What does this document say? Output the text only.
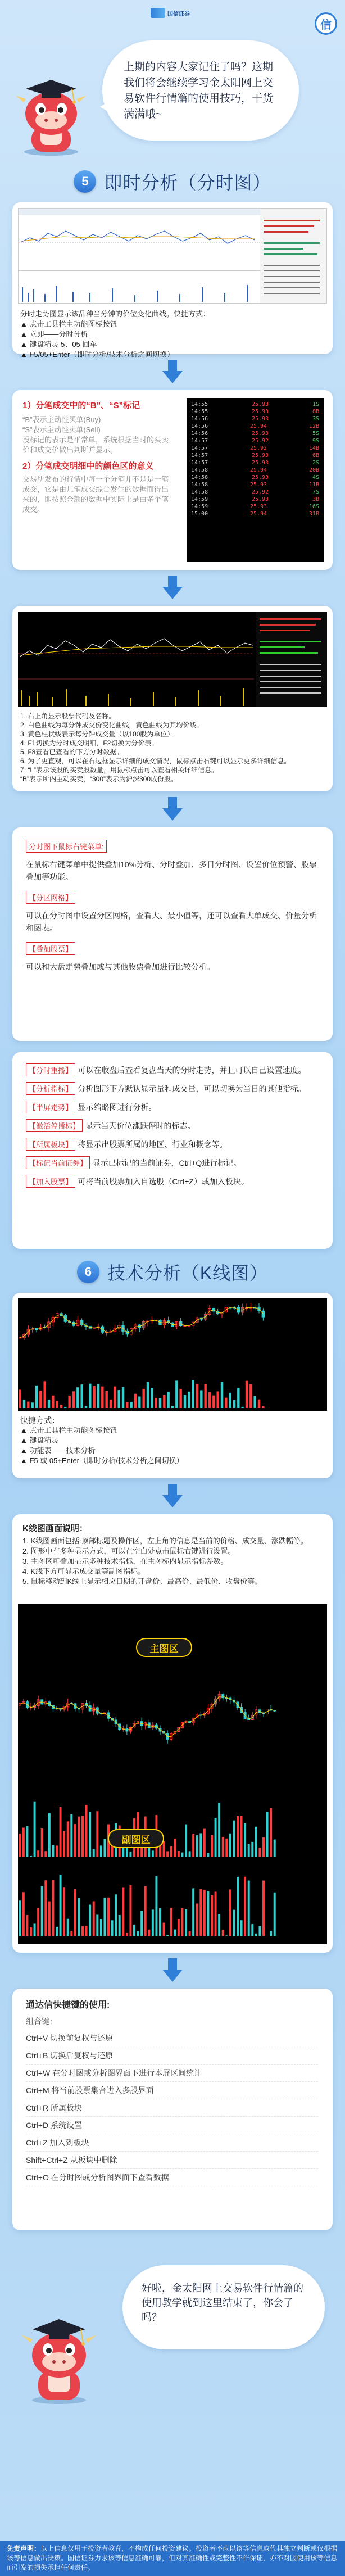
国信证券
信
上期的内容大家记住了吗？这期我们将会继续学习金太阳网上交易软件行情篇的使用技巧，干货满满哦~
5 即时分析（分时图）
分时走势图显示该品种当分钟的价位变化曲线。快捷方式：
▲ 点击工具栏主功能图标按钮
▲ 立即——分时分析
▲ 键盘精灵 5、05 回车
▲ F5/05+Enter（即时分析/技术分析之间切换）
1）分笔成交中的“B”、“S”标记
“B”表示主动性买单(Buy)
“S”表示主动性卖单(Sell)
没标记的表示是平常单，系统根据当时的买卖价和成交价做出判断并显示。
2）分笔成交明细中的颜色区的意义
交易所发布的行情中每一个分笔并不是是一笔成交，它是由几笔成交综合发生的数据而得出来的，即按照金额的数据中实际上是由多个笔成交。
14:55	25.93	1S
14:55	25.93	8B
14:56	25.93	3S
14:56	25.94	12B
14:56	25.93	5S
14:57	25.92	9S
14:57	25.92	14B
14:57	25.93	6B
14:57	25.93	2S
14:58	25.94	20B
14:58	25.93	4S
14:58	25.93	11B
14:58	25.92	7S
14:59	25.93	3B
14:59	25.93	16S
15:00	25.94	31B
1. 右上角显示股票代码及名称。
2. 白色曲线为每分钟成交价变化曲线，黄色曲线为其均价线。
3. 黄色柱状线表示每分钟成交量（以100股为单位）。
4. F1切换为分时成交明细，F2切换为分价表。
5. F8查看已查看的下方分时数据。
6. 为了更直观，可以在右边框显示详细的成交情况，鼠标点击右键可以显示更多详细信息。
7. “L”表示该股的买卖股数量，用鼠标点击可以查看相关详细信息。
“B”表示所内主动买卖，“300”表示为沪深300成份股。
分时图下鼠标右键菜单:
在鼠标右键菜单中提供叠加10%分析、分时叠加、多日分时图、设置价位预警、股票叠加等功能。
【分区网格】
可以在分时图中设置分区网格，查看大、最小值等，还可以查看大单成交、价量分析和图表。
【叠加股票】
可以和大盘走势叠加或与其他股票叠加进行比较分析。
【分时重播】 可以在收盘后查看复盘当天的分时走势，并且可以自己设置速度。
【分析指标】 分析图形下方默认显示量和成交量，可以切换为当日的其他指标。
【半屏走势】 显示缩略图进行分析。
【激活停播标】 显示当天价位涨跌停时的标志。
【所属板块】 将显示出股票所属的地区、行业和概念等。
【标记当前证券】 显示已标记的当前证券，Ctrl+Q进行标记。
【加入股票】 可将当前股票加入自选股（Ctrl+Z）或加入板块。
6 技术分析（K线图）
快捷方式：
▲ 点击工具栏主功能图标按钮
▲ 键盘精灵
▲ 功能表——技术分析
▲ F5 或 05+Enter（即时分析/技术分析之间切换）
K线图画面说明：
1. K线图画面包括:顶部标题及操作区，左上角的信息是当前的价格、成交量、涨跌幅等。
2. 图形中有多种显示方式，可以在空白处点击鼠标右键进行设置。
3. 主图区可叠加显示多种技术指标，在主图标内显示指标参数。
4. K线下方可显示成交量等副图指标。
5. 鼠标移动到K线上显示相应日期的开盘价、最高价、最低价、收盘价等。
主图区
副图区
通达信快捷键的使用:
组合键：
Ctrl+V 切换前复权与还原
Ctrl+B 切换后复权与还原
Ctrl+W 在分时图或分析图界面下进行本屏区间统计
Ctrl+M 将当前股票集合进入多股界面
Ctrl+R 所属板块
Ctrl+D 系统设置
Ctrl+Z 加入到板块
Shift+Ctrl+Z 从板块中删除
Ctrl+O 在分时图或分析图界面下查看数据
好啦，金太阳网上交易软件行情篇的使用教学就到这里结束了，你会了吗？
免责声明：以上信息仅用于投资者教育，不构成任何投资建议。投资者不应以该等信息取代其独立判断或仅根据该等信息做出决策。国信证券力求该等信息准确可靠，但对其准确性或完整性不作保证，亦不对因使用该等信息而引发的损失承担任何责任。
